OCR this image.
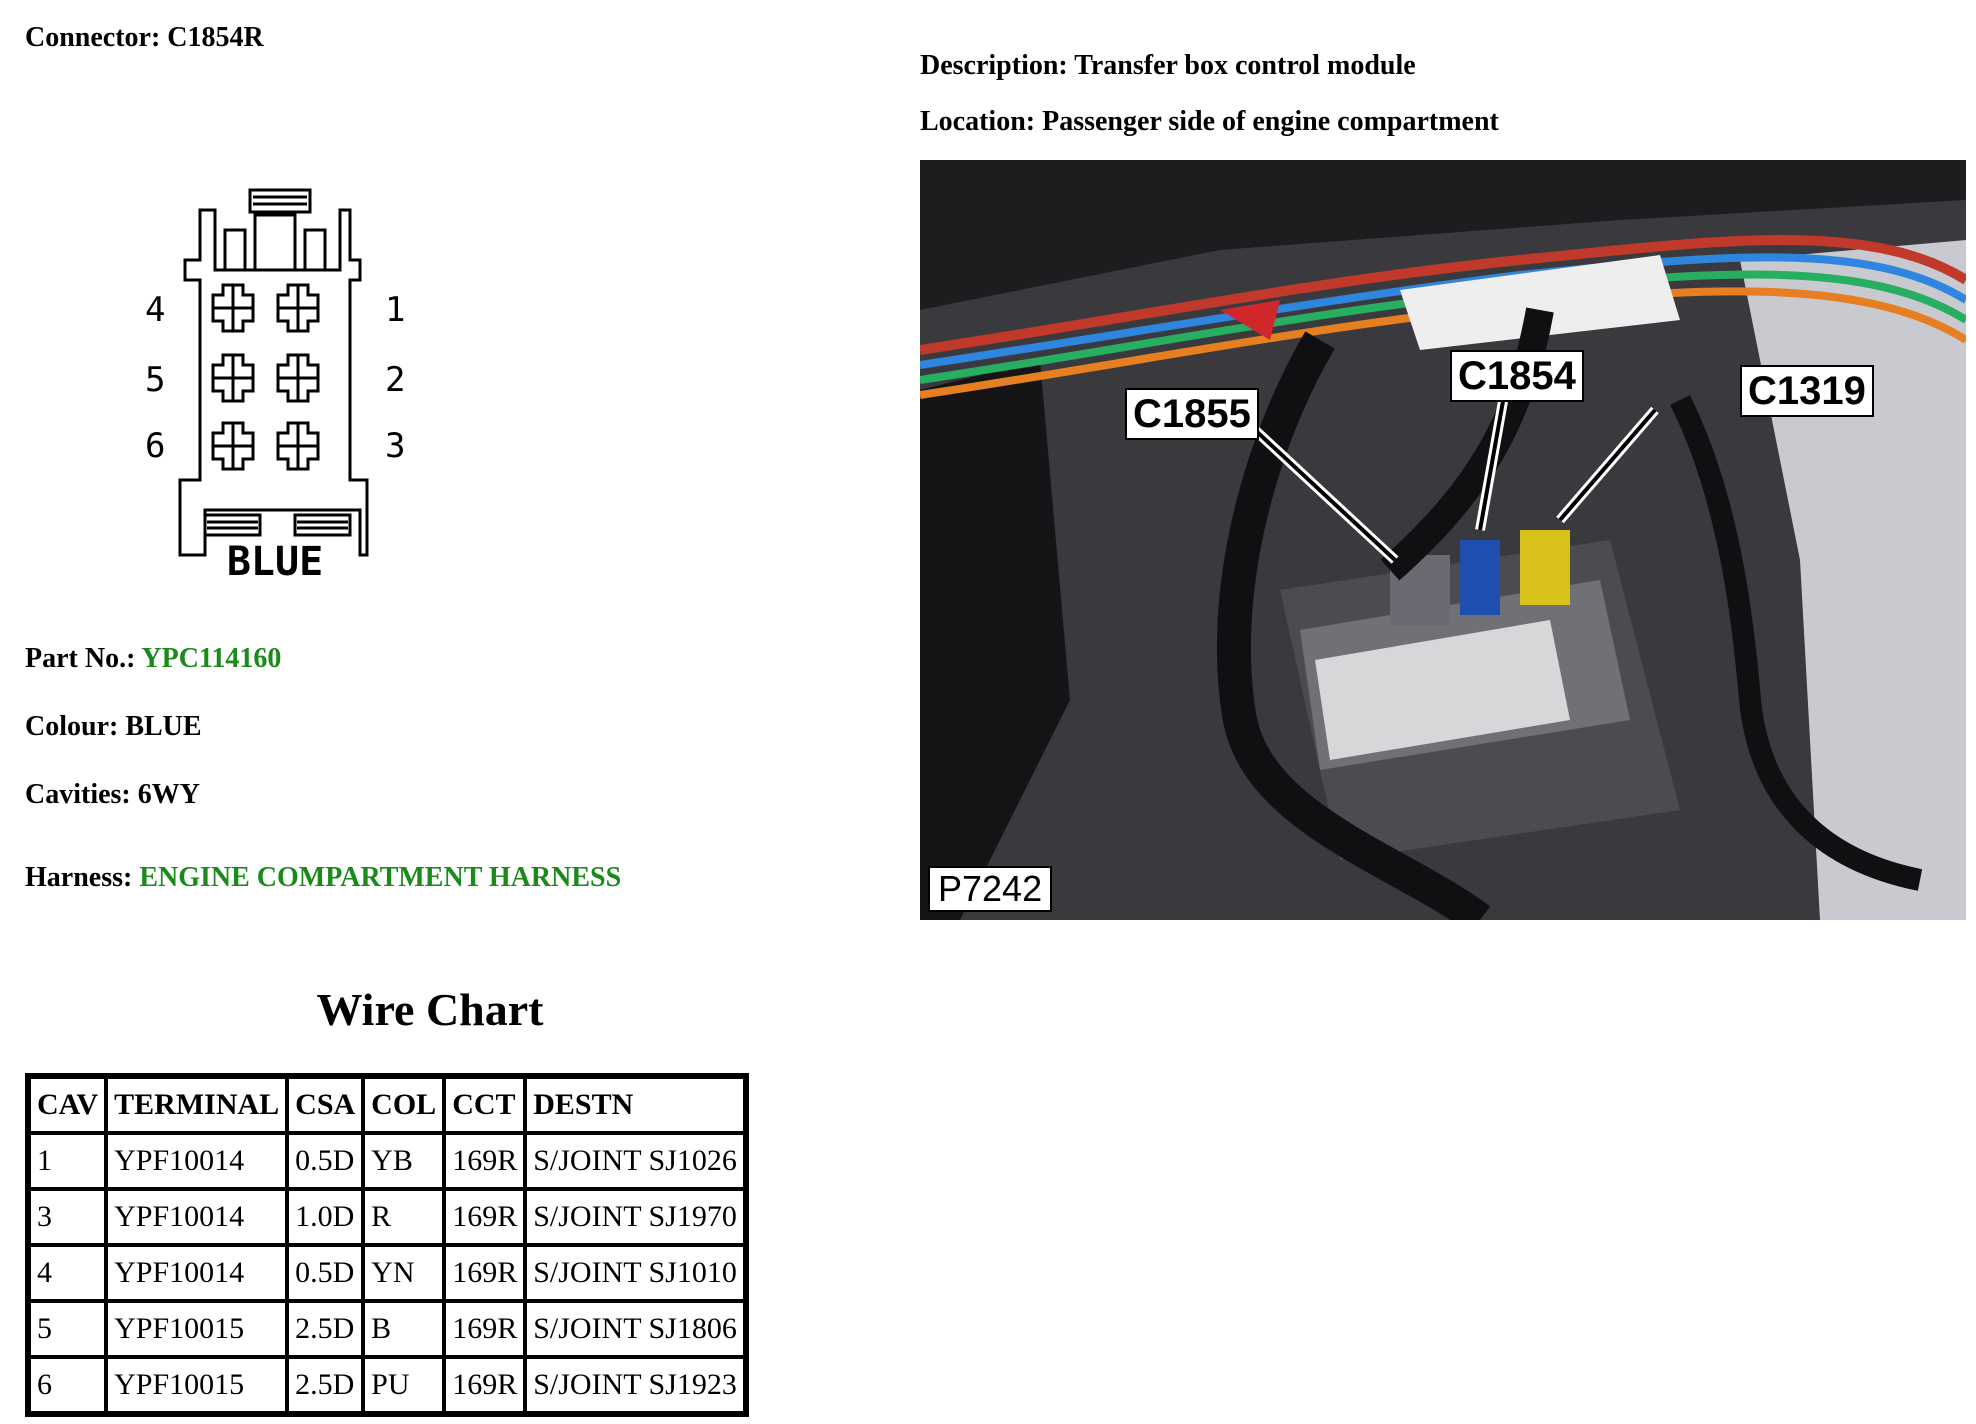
Connector: C1854R
Description: Transfer box control module
Location: Passenger side of engine compartment
4
5
6
1
2
3
BLUE
Part No.: YPC114160
Colour: BLUE
Cavities: 6WY
Harness: ENGINE COMPARTMENT HARNESS
Wire Chart
CAV	TERMINAL	CSA	COL	CCT	DESTN
1	YPF10014	0.5D	YB	169R	S/JOINT SJ1026
3	YPF10014	1.0D	R	169R	S/JOINT SJ1970
4	YPF10014	0.5D	YN	169R	S/JOINT SJ1010
5	YPF10015	2.5D	B	169R	S/JOINT SJ1806
6	YPF10015	2.5D	PU	169R	S/JOINT SJ1923
C1855
C1854	C1319
P7242
